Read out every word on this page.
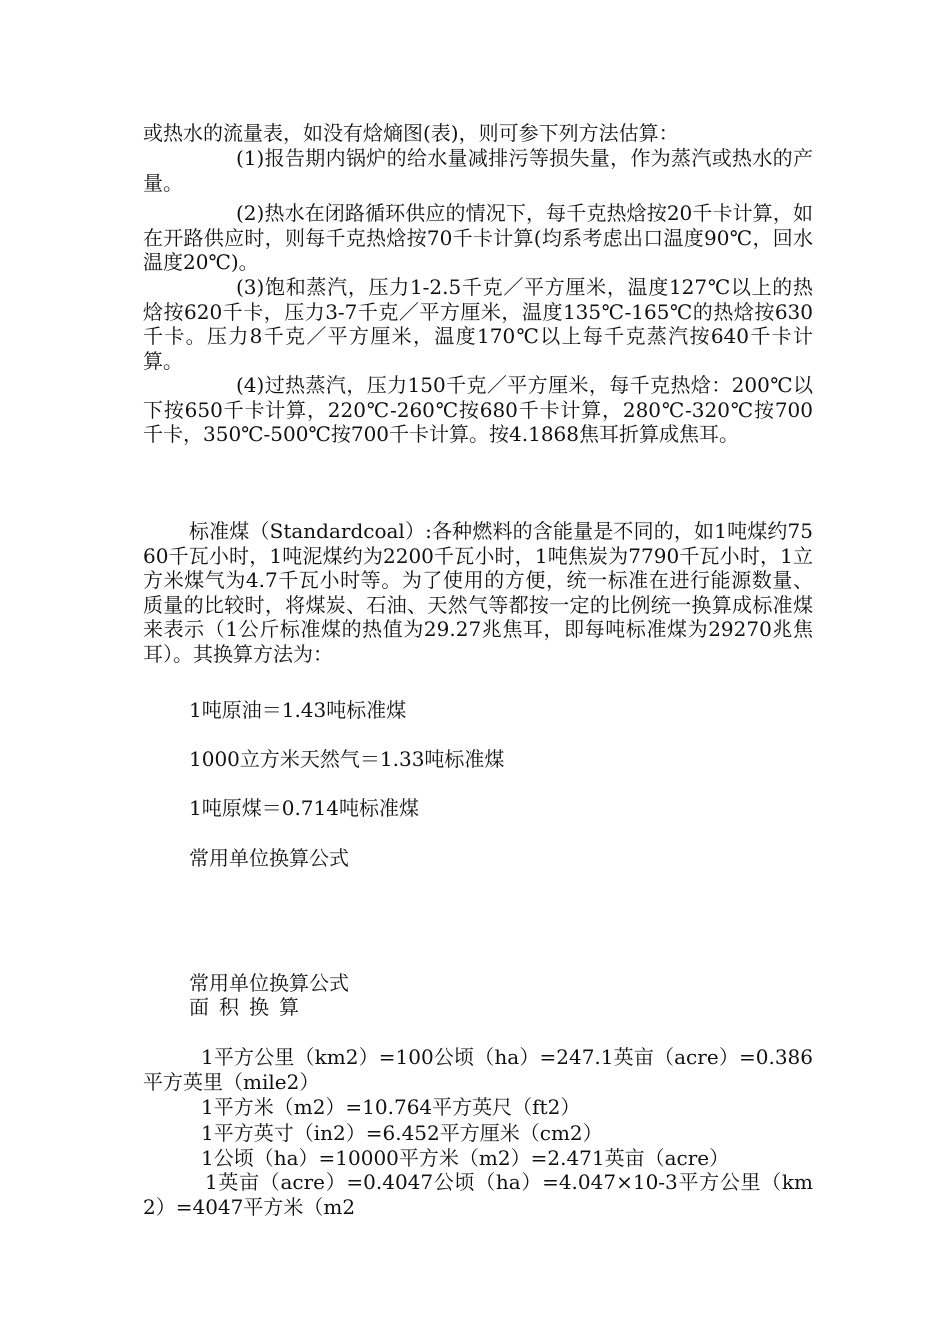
或热水的流量表，如没有焓熵图(表)，则可参下列方法估算：

(1)报告期内锅炉的给水量减排污等损失量，作为蒸汽或热水的产量。

(2)热水在闭路循环供应的情况下，每千克热焓按20千卡计算，如在开路供应时，则每千克热焓按70千卡计算(均系考虑出口温度90℃，回水温度20℃)。

(3)饱和蒸汽，压力1-2.5千克／平方厘米，温度127℃以上的热焓按620千卡，压力3-7千克／平方厘米，温度135℃-165℃的热焓按630千卡。压力8千克／平方厘米，温度170℃以上每千克蒸汽按640千卡计算。

(4)过热蒸汽，压力150千克／平方厘米，每千克热焓：200℃以下按650千卡计算，220℃-260℃按680千卡计算，280℃-320℃按700千卡，350℃-500℃按700千卡计算。按4.1868焦耳折算成焦耳。

标准煤（Standardcoal）:各种燃料的含能量是不同的，如1吨煤约7560千瓦小时，1吨泥煤约为2200千瓦小时，1吨焦炭为7790千瓦小时，1立方米煤气为4.7千瓦小时等。为了使用的方便，统一标准在进行能源数量、质量的比较时，将煤炭、石油、天然气等都按一定的比例统一换算成标准煤来表示（1公斤标准煤的热值为29.27兆焦耳，即每吨标准煤为29270兆焦耳）。其换算方法为：

1吨原油＝1.43吨标准煤

1000立方米天然气＝1.33吨标准煤

1吨原煤＝0.714吨标准煤

常用单位换算公式

常用单位换算公式

面积换算

1平方公里（km2）=100公顷（ha）=247.1英亩（acre）=0.386平方英里（mile2）

1平方米（m2）=10.764平方英尺（ft2）

1平方英寸（in2）=6.452平方厘米（cm2）

1公顷（ha）=10000平方米（m2）=2.471英亩（acre）

1英亩（acre）=0.4047公顷（ha）=4.047×10-3平方公里（km2）=4047平方米（m2
